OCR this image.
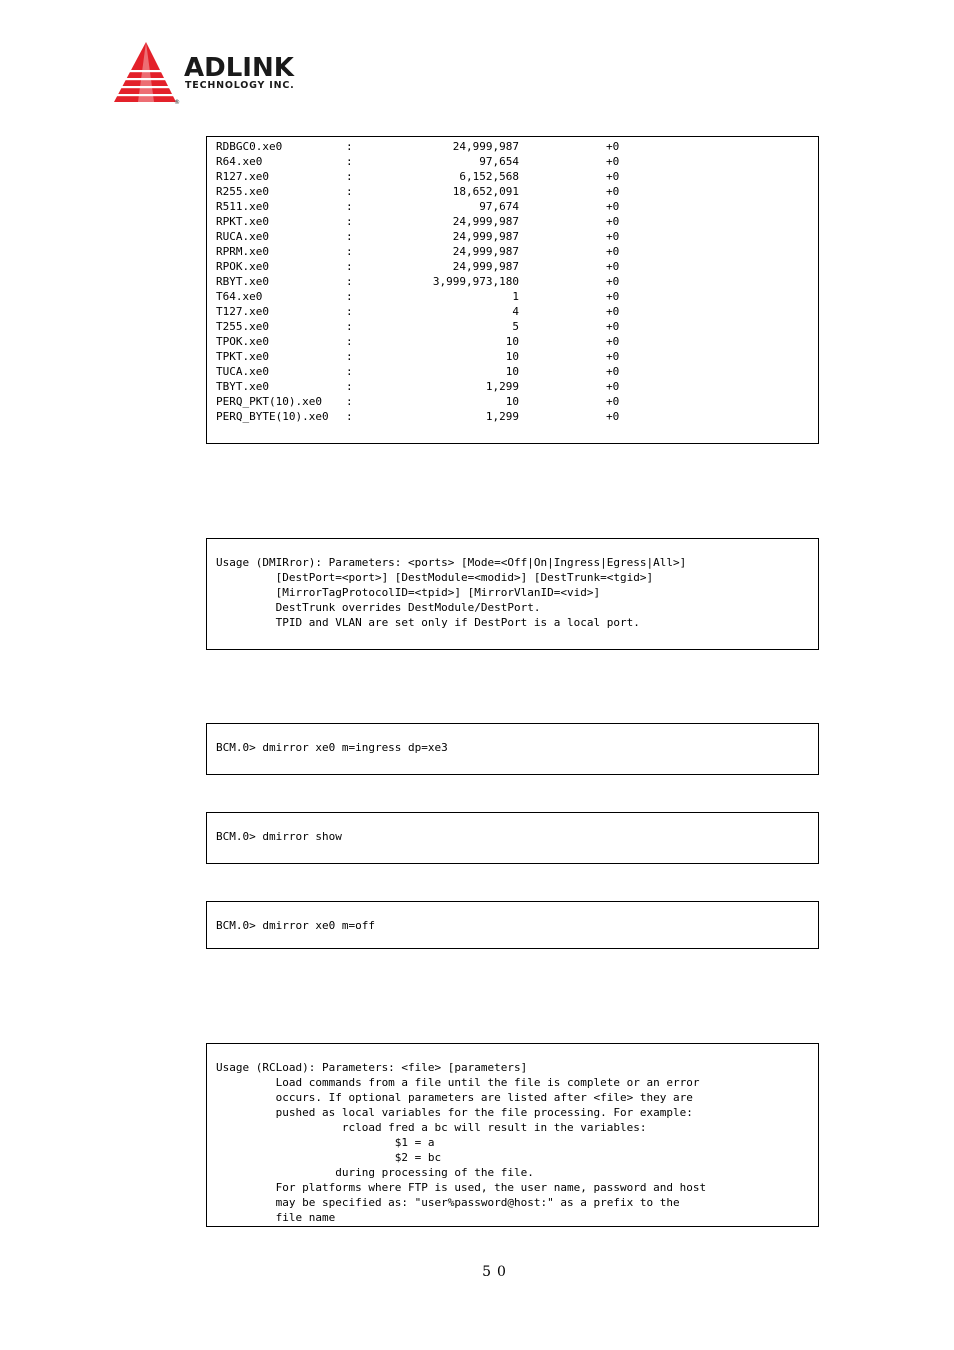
ADLINK
TECHNOLOGY INC.
®
RDBGC0.xe0	:	24,999,987	+0
R64.xe0	:	97,654	+0
R127.xe0	:	6,152,568	+0
R255.xe0	:	18,652,091	+0
R511.xe0	:	97,674	+0
RPKT.xe0	:	24,999,987	+0
RUCA.xe0	:	24,999,987	+0
RPRM.xe0	:	24,999,987	+0
RPOK.xe0	:	24,999,987	+0
RBYT.xe0	:	3,999,973,180	+0
T64.xe0	:	1	+0
T127.xe0	:	4	+0
T255.xe0	:	5	+0
TPOK.xe0	:	10	+0
TPKT.xe0	:	10	+0
TUCA.xe0	:	10	+0
TBYT.xe0	:	1,299	+0
PERQ_PKT(10).xe0 :	10	+0
PERQ_BYTE(10).xe0 :	1,299	+0
Usage (DMIRror): Parameters: <ports> [Mode=<Off|On|Ingress|Egress|All>]
[DestPort=<port>] [DestModule=<modid>] [DestTrunk=<tgid>]
[MirrorTagProtocolID=<tpid>] [MirrorVlanID=<vid>]
DestTrunk overrides DestModule/DestPort.
TPID and VLAN are set only if DestPort is a local port.
BCM.0> dmirror xe0 m=ingress dp=xe3
BCM.0> dmirror show
BCM.0> dmirror xe0 m=off
Usage (RCLoad): Parameters: <file> [parameters]
Load commands from a file until the file is complete or an error
occurs. If optional parameters are listed after <file> they are
pushed as local variables for the file processing. For example:
rcload fred a bc will result in the variables:
$1 = a
$2 = bc
during processing of the file.
For platforms where FTP is used, the user name, password and host
may be specified as: "user%password@host:" as a prefix to the
file name
50
